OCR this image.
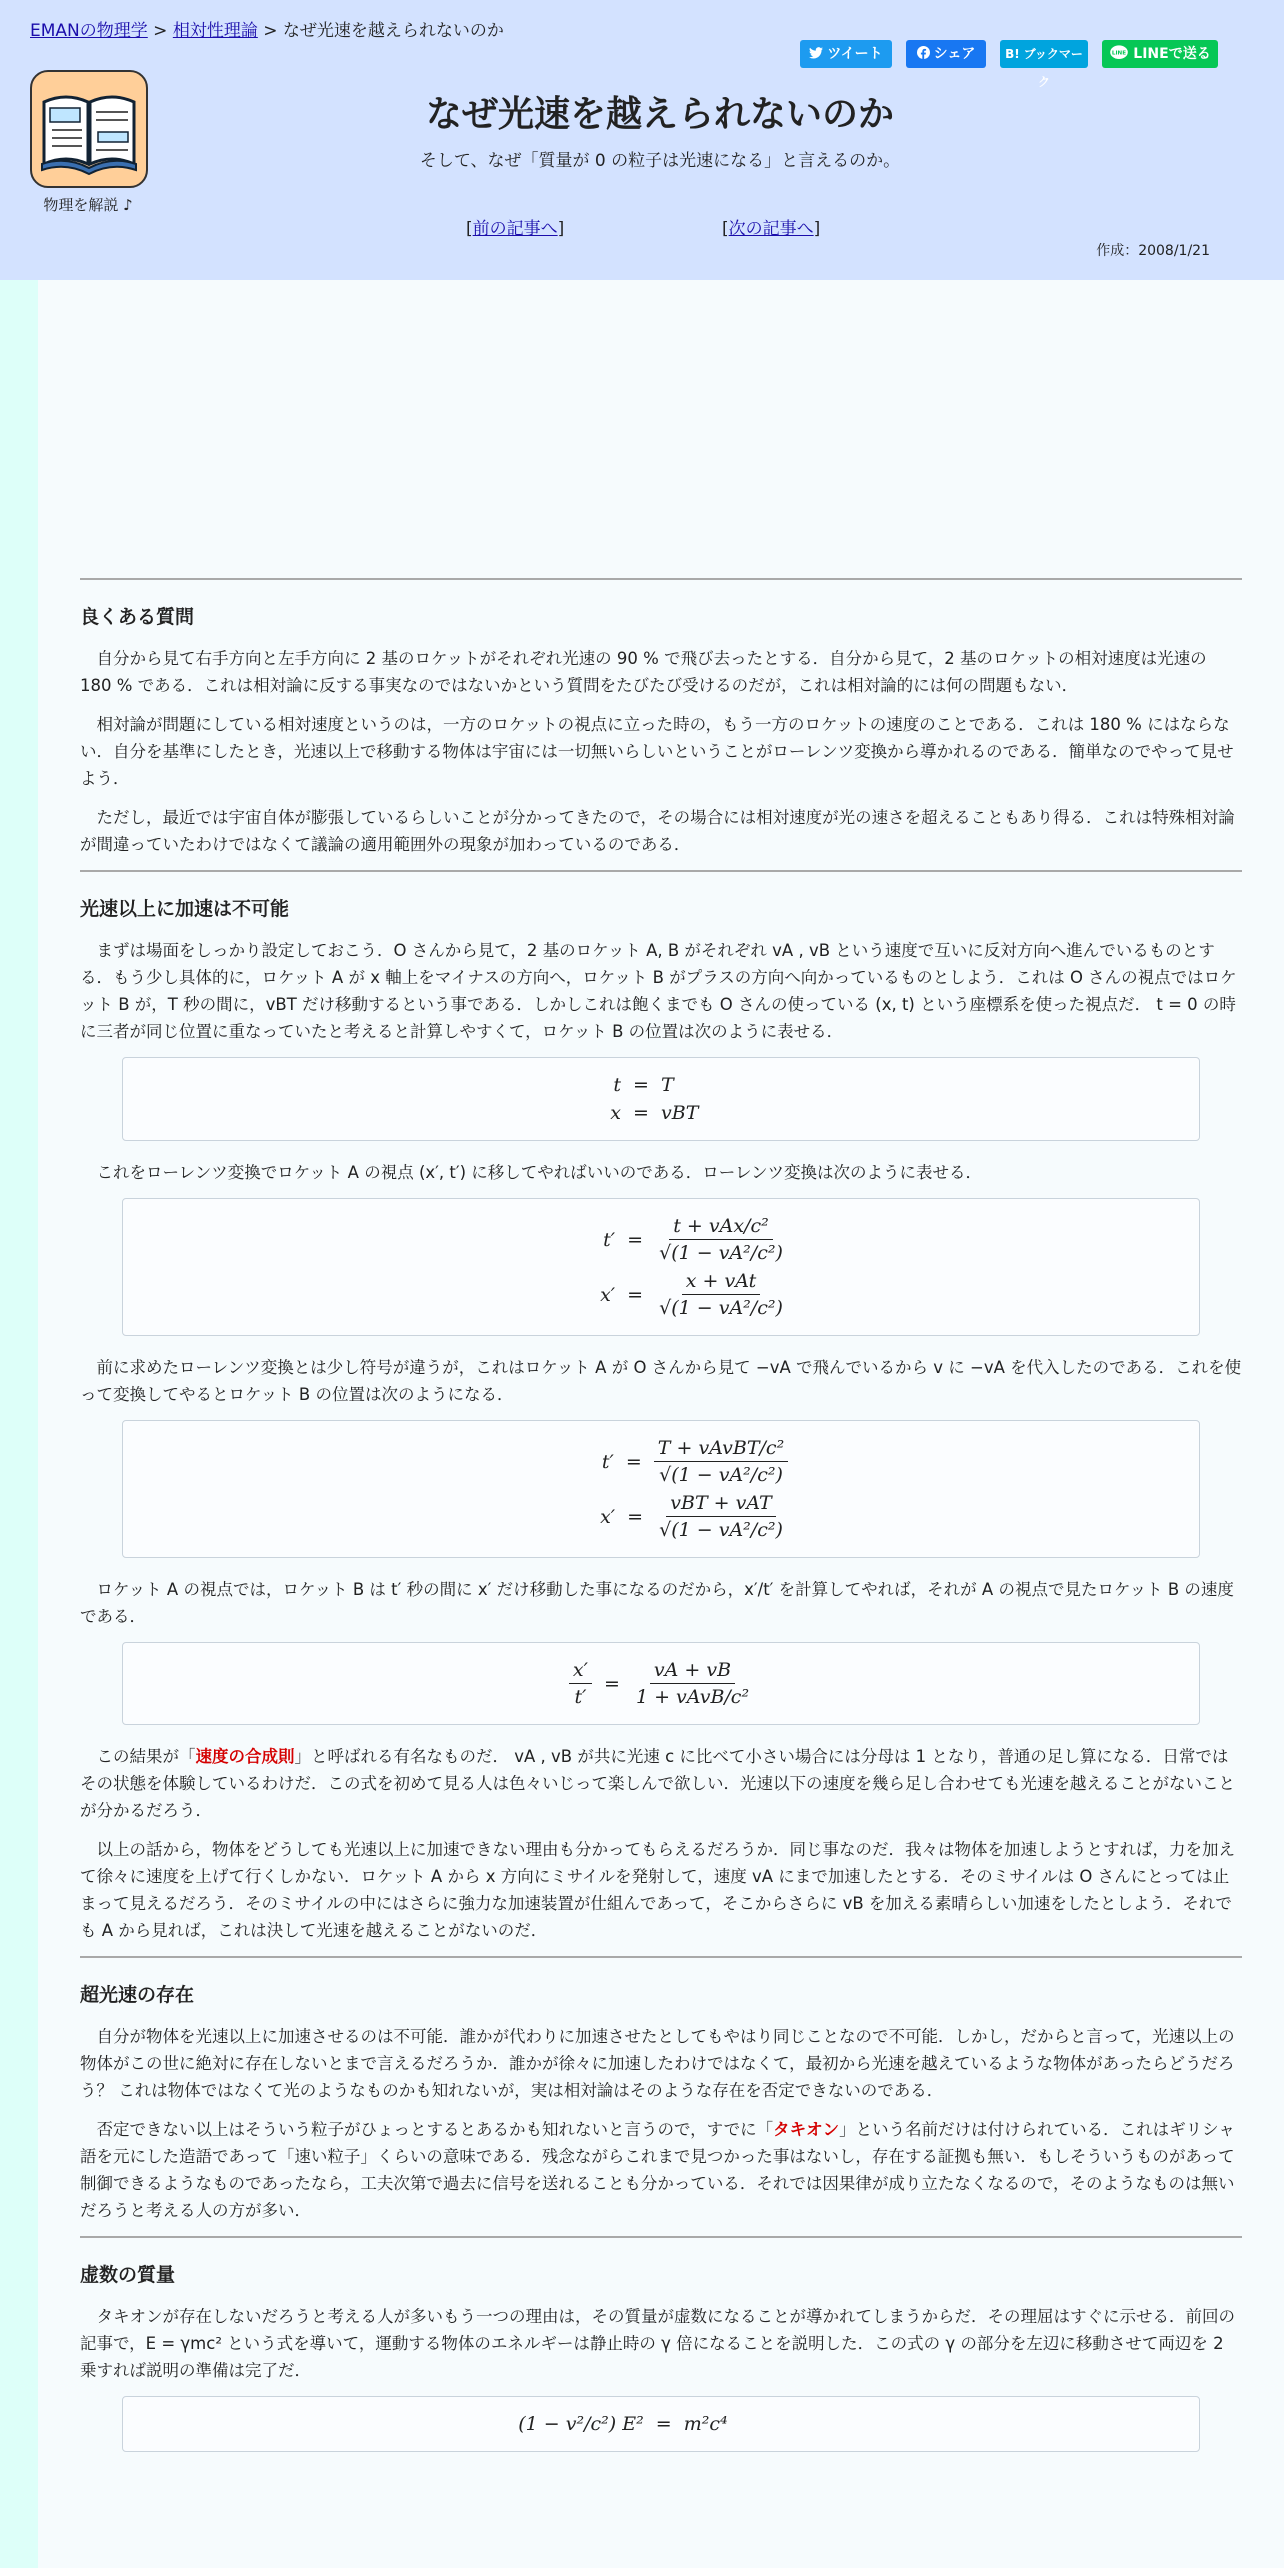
EMANの物理学 > 相対性理論 > なぜ光速を越えられないのか
ツイート	シェア	B! ブックマーク
LINE LINEで送る
物理を解説 ♪
なぜ光速を越えられないのか
そして、なぜ「質量が 0 の粒子は光速になる」と言えるのか。
[前の記事へ]	[次の記事へ]
作成：2008/1/21
良くある質問

自分から見て右手方向と左手方向に 2 基のロケットがそれぞれ光速の 90 % で飛び去ったとする．自分から見て，2 基のロケットの相対速度は光速の 180 % である．これは相対論に反する事実なのではないかという質問をたびたび受けるのだが，これは相対論的には何の問題もない．

相対論が問題にしている相対速度というのは，一方のロケットの視点に立った時の，もう一方のロケットの速度のことである．これは 180 % にはならない．自分を基準にしたとき，光速以上で移動する物体は宇宙には一切無いらしいということがローレンツ変換から導かれるのである．簡単なのでやって見せよう．

ただし，最近では宇宙自体が膨張しているらしいことが分かってきたので，その場合には相対速度が光の速さを超えることもあり得る．これは特殊相対論が間違っていたわけではなくて議論の適用範囲外の現象が加わっているのである．

光速以上に加速は不可能

まずは場面をしっかり設定しておこう．O さんから見て，2 基のロケット A, B がそれぞれ vA , vB という速度で互いに反対方向へ進んでいるものとする．もう少し具体的に，ロケット A が x 軸上をマイナスの方向へ，ロケット B がプラスの方向へ向かっているものとしよう．これは O さんの視点ではロケット B が，T 秒の間に，vBT だけ移動するという事である．しかしこれは飽くまでも O さんの使っている (x, t) という座標系を使った視点だ． t = 0 の時に三者が同じ位置に重なっていたと考えると計算しやすくて，ロケット B の位置は次のように表せる．

t = T
x = vBT

これをローレンツ変換でロケット A の視点 (x′, t′) に移してやればいいのである．ローレンツ変換は次のように表せる．

$t' = \frac{\text{t + vAx/c²}}{\text{√(1 − vA²/c²)}}$
$x' = \frac{\text{x + vAt}}{\text{√(1 − vA²/c²)}}$

前に求めたローレンツ変換とは少し符号が違うが，これはロケット A が O さんから見て −vA で飛んでいるから v に −vA を代入したのである．これを使って変換してやるとロケット B の位置は次のようになる．

$t' = \frac{\text{T + vAvBT/c²}}{\text{√(1 − vA²/c²)}}$
$x' = \frac{\text{vBT + vAT}}{\text{√(1 − vA²/c²)}}$

ロケット A の視点では，ロケット B は t′ 秒の間に x′ だけ移動した事になるのだから，x′/t′ を計算してやれば，それが A の視点で見たロケット B の速度である．

$\frac{x'}{t'} = \frac{vA + vB}{\text{1 + vAvB/c²}}$

この結果が「速度の合成則」と呼ばれる有名なものだ． vA , vB が共に光速 c に比べて小さい場合には分母は 1 となり，普通の足し算になる．日常ではその状態を体験しているわけだ．この式を初めて見る人は色々いじって楽しんで欲しい．光速以下の速度を幾ら足し合わせても光速を越えることがないことが分かるだろう．

以上の話から，物体をどうしても光速以上に加速できない理由も分かってもらえるだろうか．同じ事なのだ．我々は物体を加速しようとすれば，力を加えて徐々に速度を上げて行くしかない．ロケット A から x 方向にミサイルを発射して，速度 vA にまで加速したとする．そのミサイルは O さんにとっては止まって見えるだろう．そのミサイルの中にはさらに強力な加速装置が仕組んであって，そこからさらに vB を加える素晴らしい加速をしたとしよう．それでも A から見れば，これは決して光速を越えることがないのだ．

超光速の存在

自分が物体を光速以上に加速させるのは不可能．誰かが代わりに加速させたとしてもやはり同じことなので不可能．しかし，だからと言って，光速以上の物体がこの世に絶対に存在しないとまで言えるだろうか．誰かが徐々に加速したわけではなくて，最初から光速を越えているような物体があったらどうだろう？ これは物体ではなくて光のようなものかも知れないが，実は相対論はそのような存在を否定できないのである．

否定できない以上はそういう粒子がひょっとするとあるかも知れないと言うので，すでに「タキオン」という名前だけは付けられている．これはギリシャ語を元にした造語であって「速い粒子」くらいの意味である．残念ながらこれまで見つかった事はないし，存在する証拠も無い．もしそういうものがあって制御できるようなものであったなら，工夫次第で過去に信号を送れることも分かっている．それでは因果律が成り立たなくなるので，そのようなものは無いだろうと考える人の方が多い．

虚数の質量

タキオンが存在しないだろうと考える人が多いもう一つの理由は，その質量が虚数になることが導かれてしまうからだ．その理屈はすぐに示せる．前回の記事で，E = γmc² という式を導いて，運動する物体のエネルギーは静止時の γ 倍になることを説明した．この式の γ の部分を左辺に移動させて両辺を 2 乗すれば説明の準備は完了だ．

(1 − v²/c²) E² = m²c⁴
